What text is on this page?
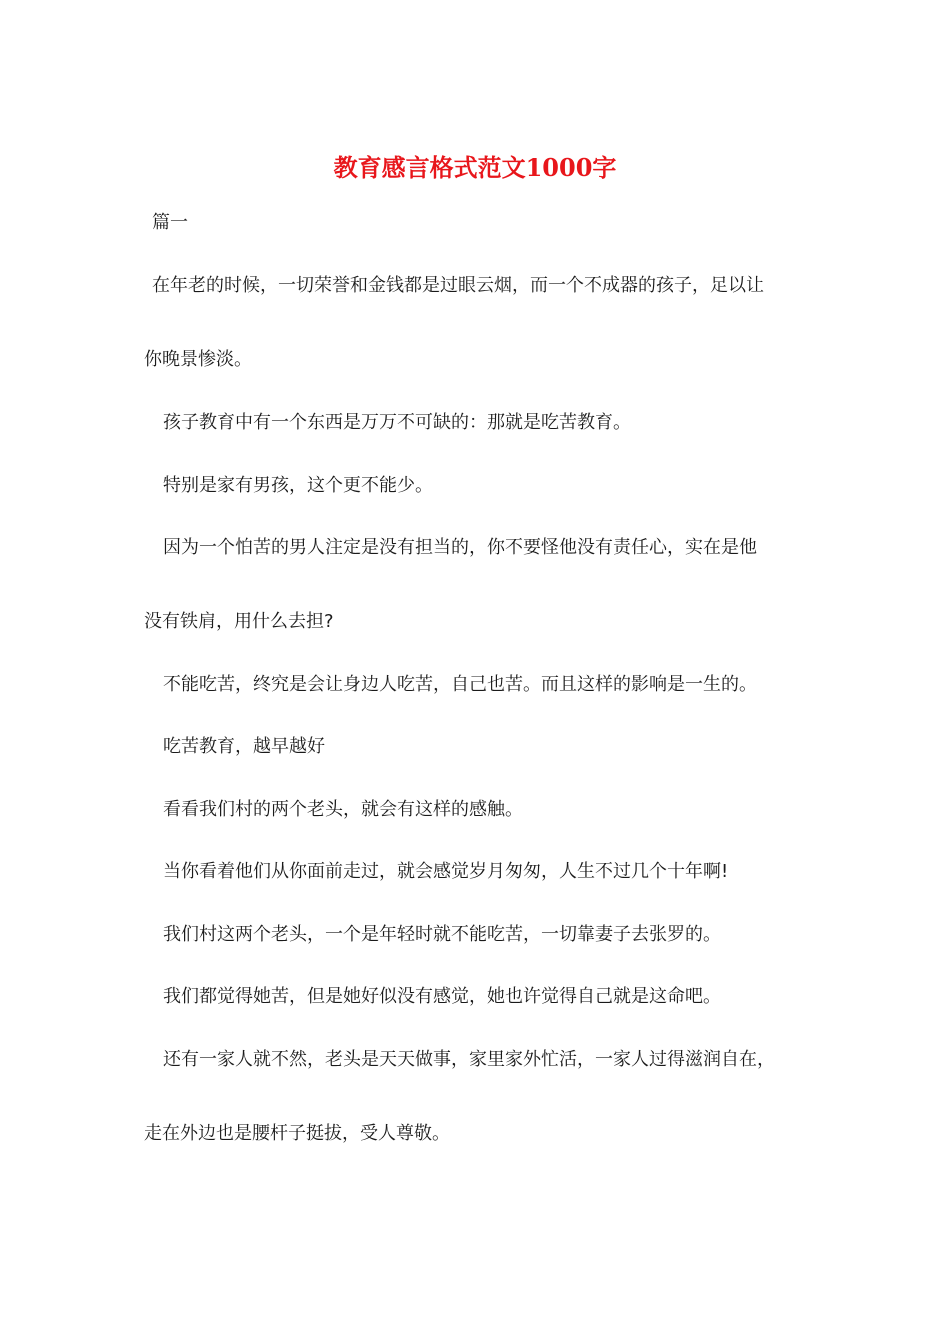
教育感言格式范文1000字
篇一
在年老的时候，一切荣誉和金钱都是过眼云烟，而一个不成器的孩子，足以让
你晚景惨淡。
孩子教育中有一个东西是万万不可缺的：那就是吃苦教育。
特别是家有男孩，这个更不能少。
因为一个怕苦的男人注定是没有担当的，你不要怪他没有责任心，实在是他
没有铁肩，用什么去担?
不能吃苦，终究是会让身边人吃苦，自己也苦。而且这样的影响是一生的。
吃苦教育，越早越好
看看我们村的两个老头，就会有这样的感触。
当你看着他们从你面前走过，就会感觉岁月匆匆，人生不过几个十年啊!
我们村这两个老头，一个是年轻时就不能吃苦，一切靠妻子去张罗的。
我们都觉得她苦，但是她好似没有感觉，她也许觉得自己就是这命吧。
还有一家人就不然，老头是天天做事，家里家外忙活，一家人过得滋润自在，
走在外边也是腰杆子挺拔，受人尊敬。
